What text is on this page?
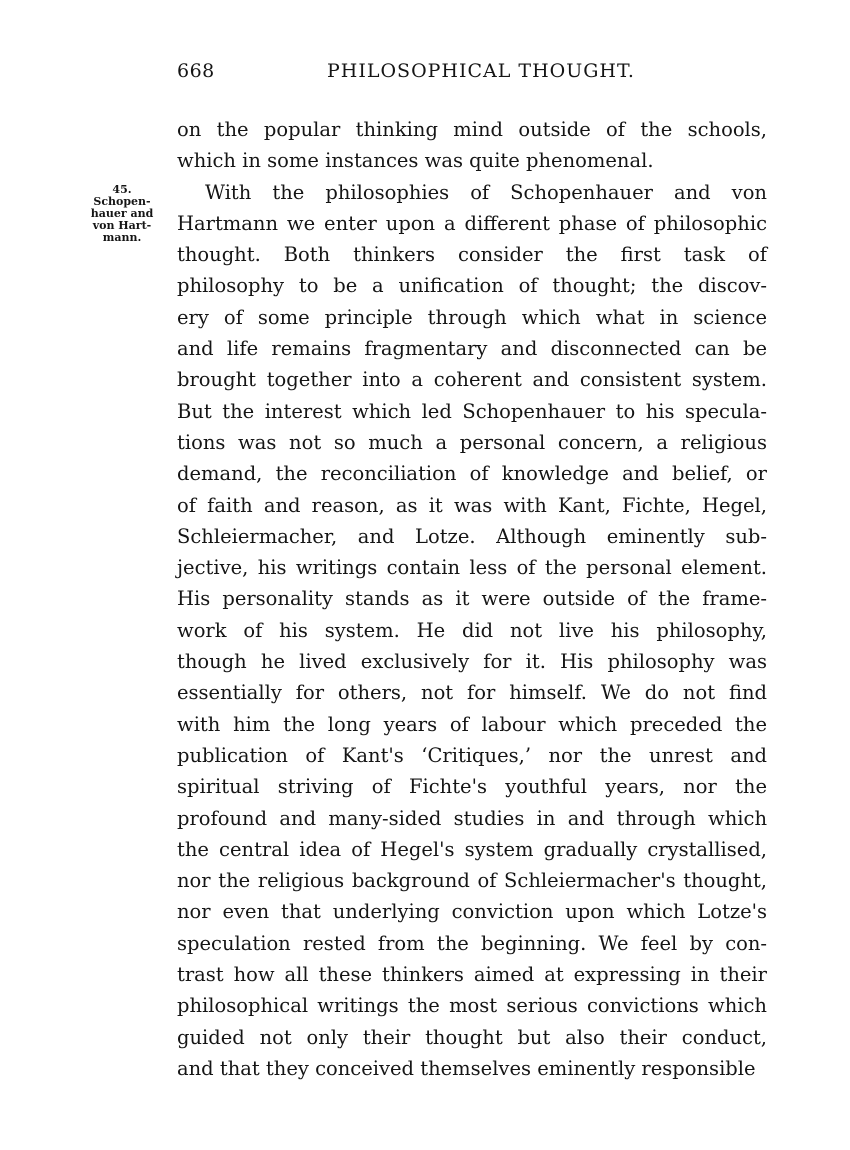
668	PHILOSOPHICAL THOUGHT.
45.
Schopen-
hauer and
von Hart-
mann.
on the popular thinking mind outside of the schools,
which in some instances was quite phenomenal.
With the philosophies of Schopenhauer and von
Hartmann we enter upon a different phase of philosophic
thought. Both thinkers consider the first task of
philosophy to be a unification of thought; the discov-
ery of some principle through which what in science
and life remains fragmentary and disconnected can be
brought together into a coherent and consistent system.
But the interest which led Schopenhauer to his specula-
tions was not so much a personal concern, a religious
demand, the reconciliation of knowledge and belief, or
of faith and reason, as it was with Kant, Fichte, Hegel,
Schleiermacher, and Lotze. Although eminently sub-
jective, his writings contain less of the personal element.
His personality stands as it were outside of the frame-
work of his system. He did not live his philosophy,
though he lived exclusively for it. His philosophy was
essentially for others, not for himself. We do not find
with him the long years of labour which preceded the
publication of Kant's ‘Critiques,’ nor the unrest and
spiritual striving of Fichte's youthful years, nor the
profound and many-sided studies in and through which
the central idea of Hegel's system gradually crystallised,
nor the religious background of Schleiermacher's thought,
nor even that underlying conviction upon which Lotze's
speculation rested from the beginning. We feel by con-
trast how all these thinkers aimed at expressing in their
philosophical writings the most serious convictions which
guided not only their thought but also their conduct,
and that they conceived themselves eminently responsible
